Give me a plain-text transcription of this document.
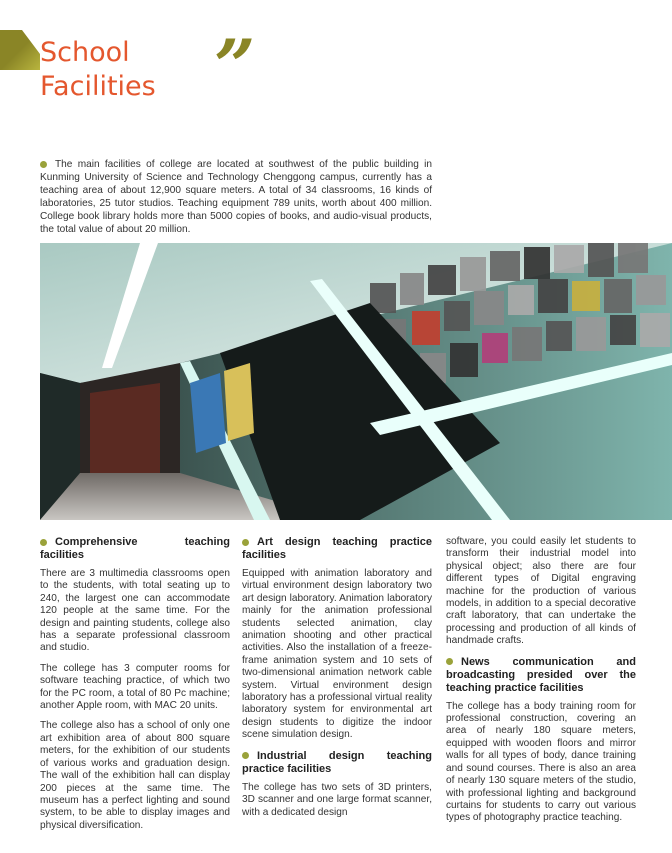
School
Facilities ”
The main facilities of college are located at southwest of the public building in Kunming University of Science and Technology Chenggong campus, currently has a teaching area of about 12,900 square meters. A total of 34 classrooms, 16 kinds of laboratories, 25 tutor studios. Teaching equipment 789 units, worth about 400 million. College book library holds more than 5000 copies of books, and audio-visual products, the total value of about 20 million.
Comprehensive teaching facilities

There are 3 multimedia classrooms open to the students, with total seating up to 240, the largest one can accommodate 120 people at the same time. For the design and painting students, college also has a separate professional classroom and studio.

The college has 3 computer rooms for software teaching practice, of which two for the PC room, a total of 80 Pc machine; another Apple room, with MAC 20 units.

The college also has a school of only one art exhibition area of about 800 square meters, for the exhibition of our students of various works and graduation design. The wall of the exhibition hall can display 200 pieces at the same time. The museum has a perfect lighting and sound system, to be able to display images and physical diversification.

Art design teaching practice facilities

Equipped with animation laboratory and virtual environment design laboratory two art design laboratory. Animation laboratory mainly for the animation professional students selected animation, clay animation shooting and other practical activities. Also the installation of a freeze-frame animation system and 10 sets of two-dimensional animation network cable system. Virtual environment design laboratory has a professional virtual reality laboratory system for environmental art design students to digitize the indoor scene simulation design.

Industrial design teaching practice facilities

The college has two sets of 3D printers, 3D scanner and one large format scanner, with a dedicated design

software, you could easily let students to transform their industrial model into physical object; also there are four different types of Digital engraving machine for the production of various models, in addition to a special decorative craft laboratory, that can undertake the processing and production of all kinds of handmade crafts.

News communication and broadcasting presided over the teaching practice facilities

The college has a body training room for professional construction, covering an area of nearly 180 square meters, equipped with wooden floors and mirror walls for all types of body, dance training and sound courses. There is also an area of nearly 130 square meters of the studio, with professional lighting and background curtains for students to carry out various types of photography practice teaching.
